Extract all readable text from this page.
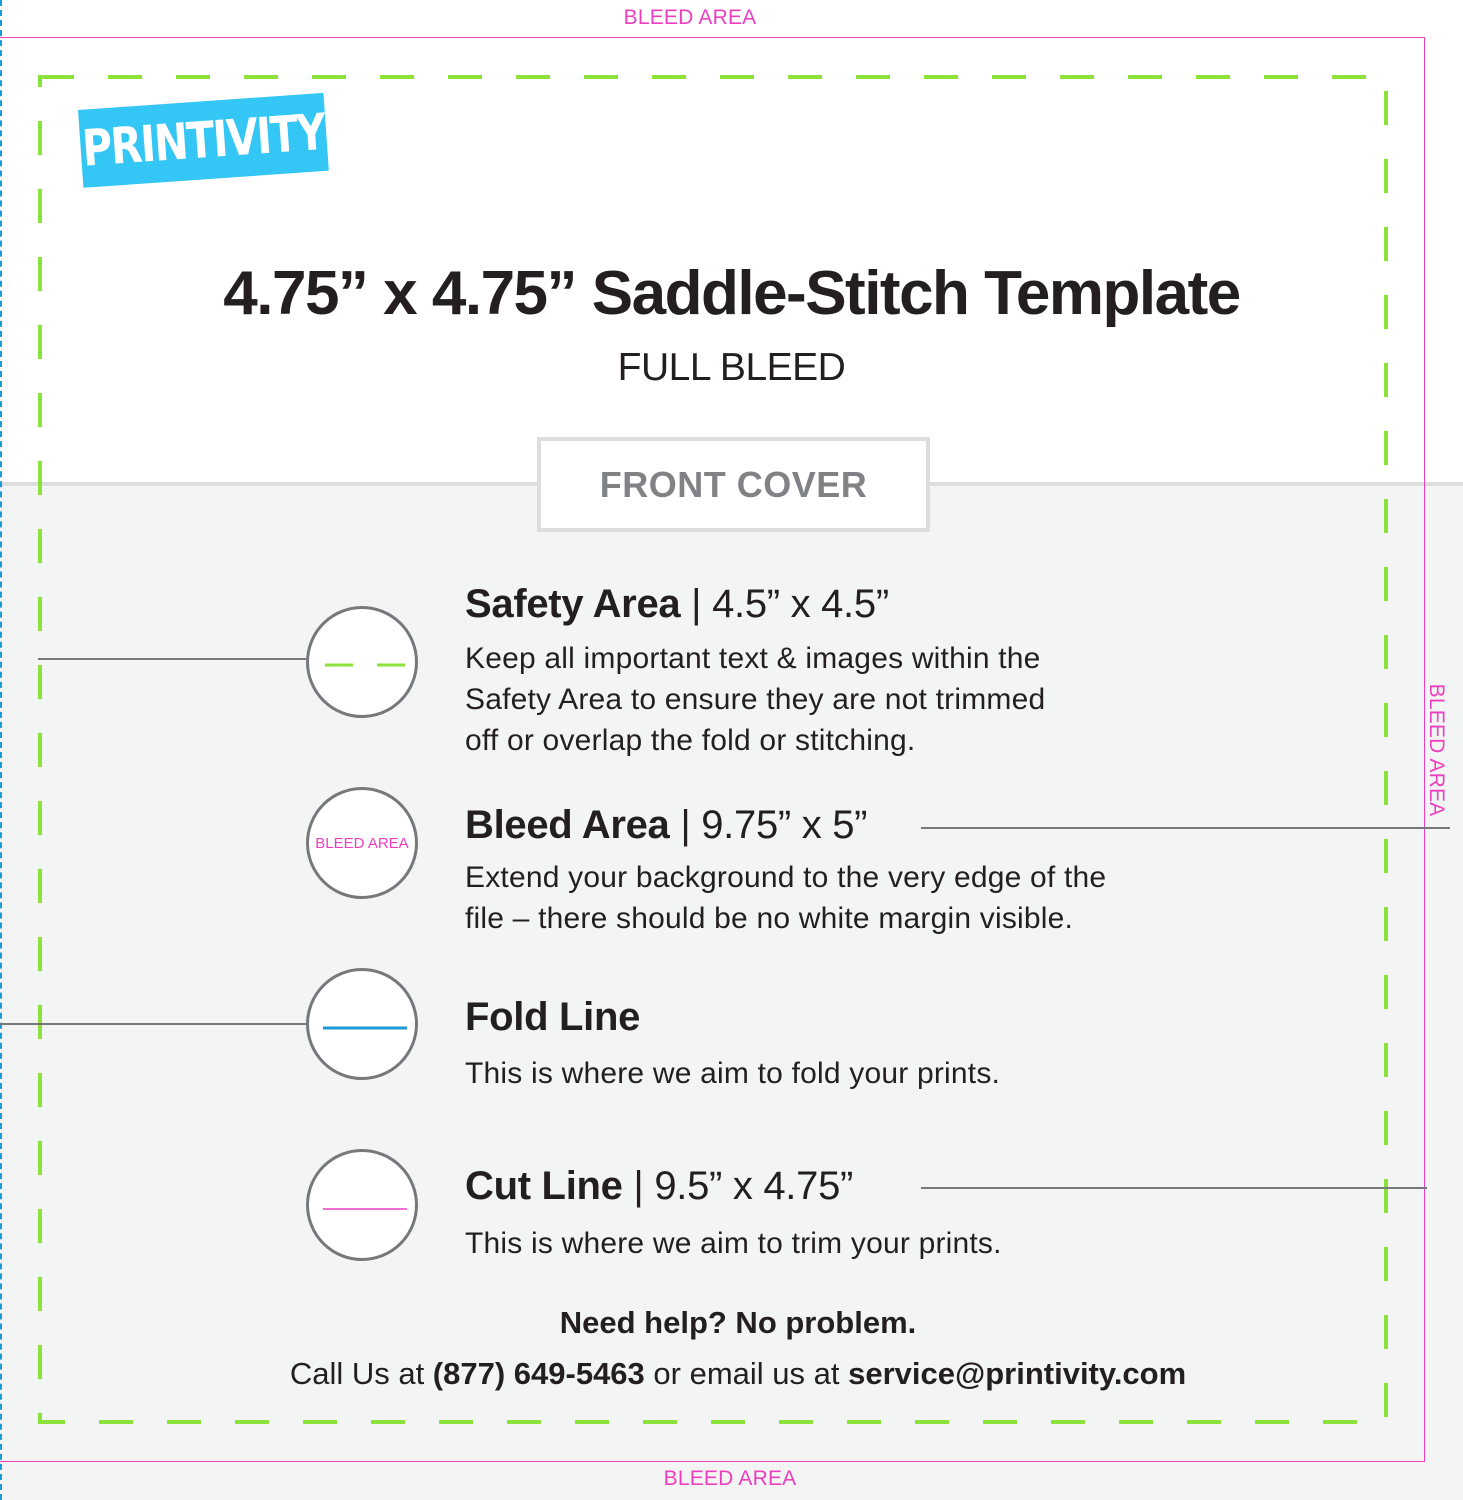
BLEED AREA
BLEED AREA
BLEED AREA
PRINTIVITY
4.75” x 4.75” Saddle-Stitch Template
FULL BLEED
FRONT COVER
Safety Area | 4.5” x 4.5”
Keep all important text & images within the
Safety Area to ensure they are not trimmed
off or overlap the fold or stitching.
BLEED AREA Bleed Area | 9.75” x 5”
Extend your background to the very edge of the
file – there should be no white margin visible.
Fold Line
This is where we aim to fold your prints.
Cut Line | 9.5” x 4.75”
This is where we aim to trim your prints.
Need help? No problem.
Call Us at (877) 649-5463 or email us at service@printivity.com
